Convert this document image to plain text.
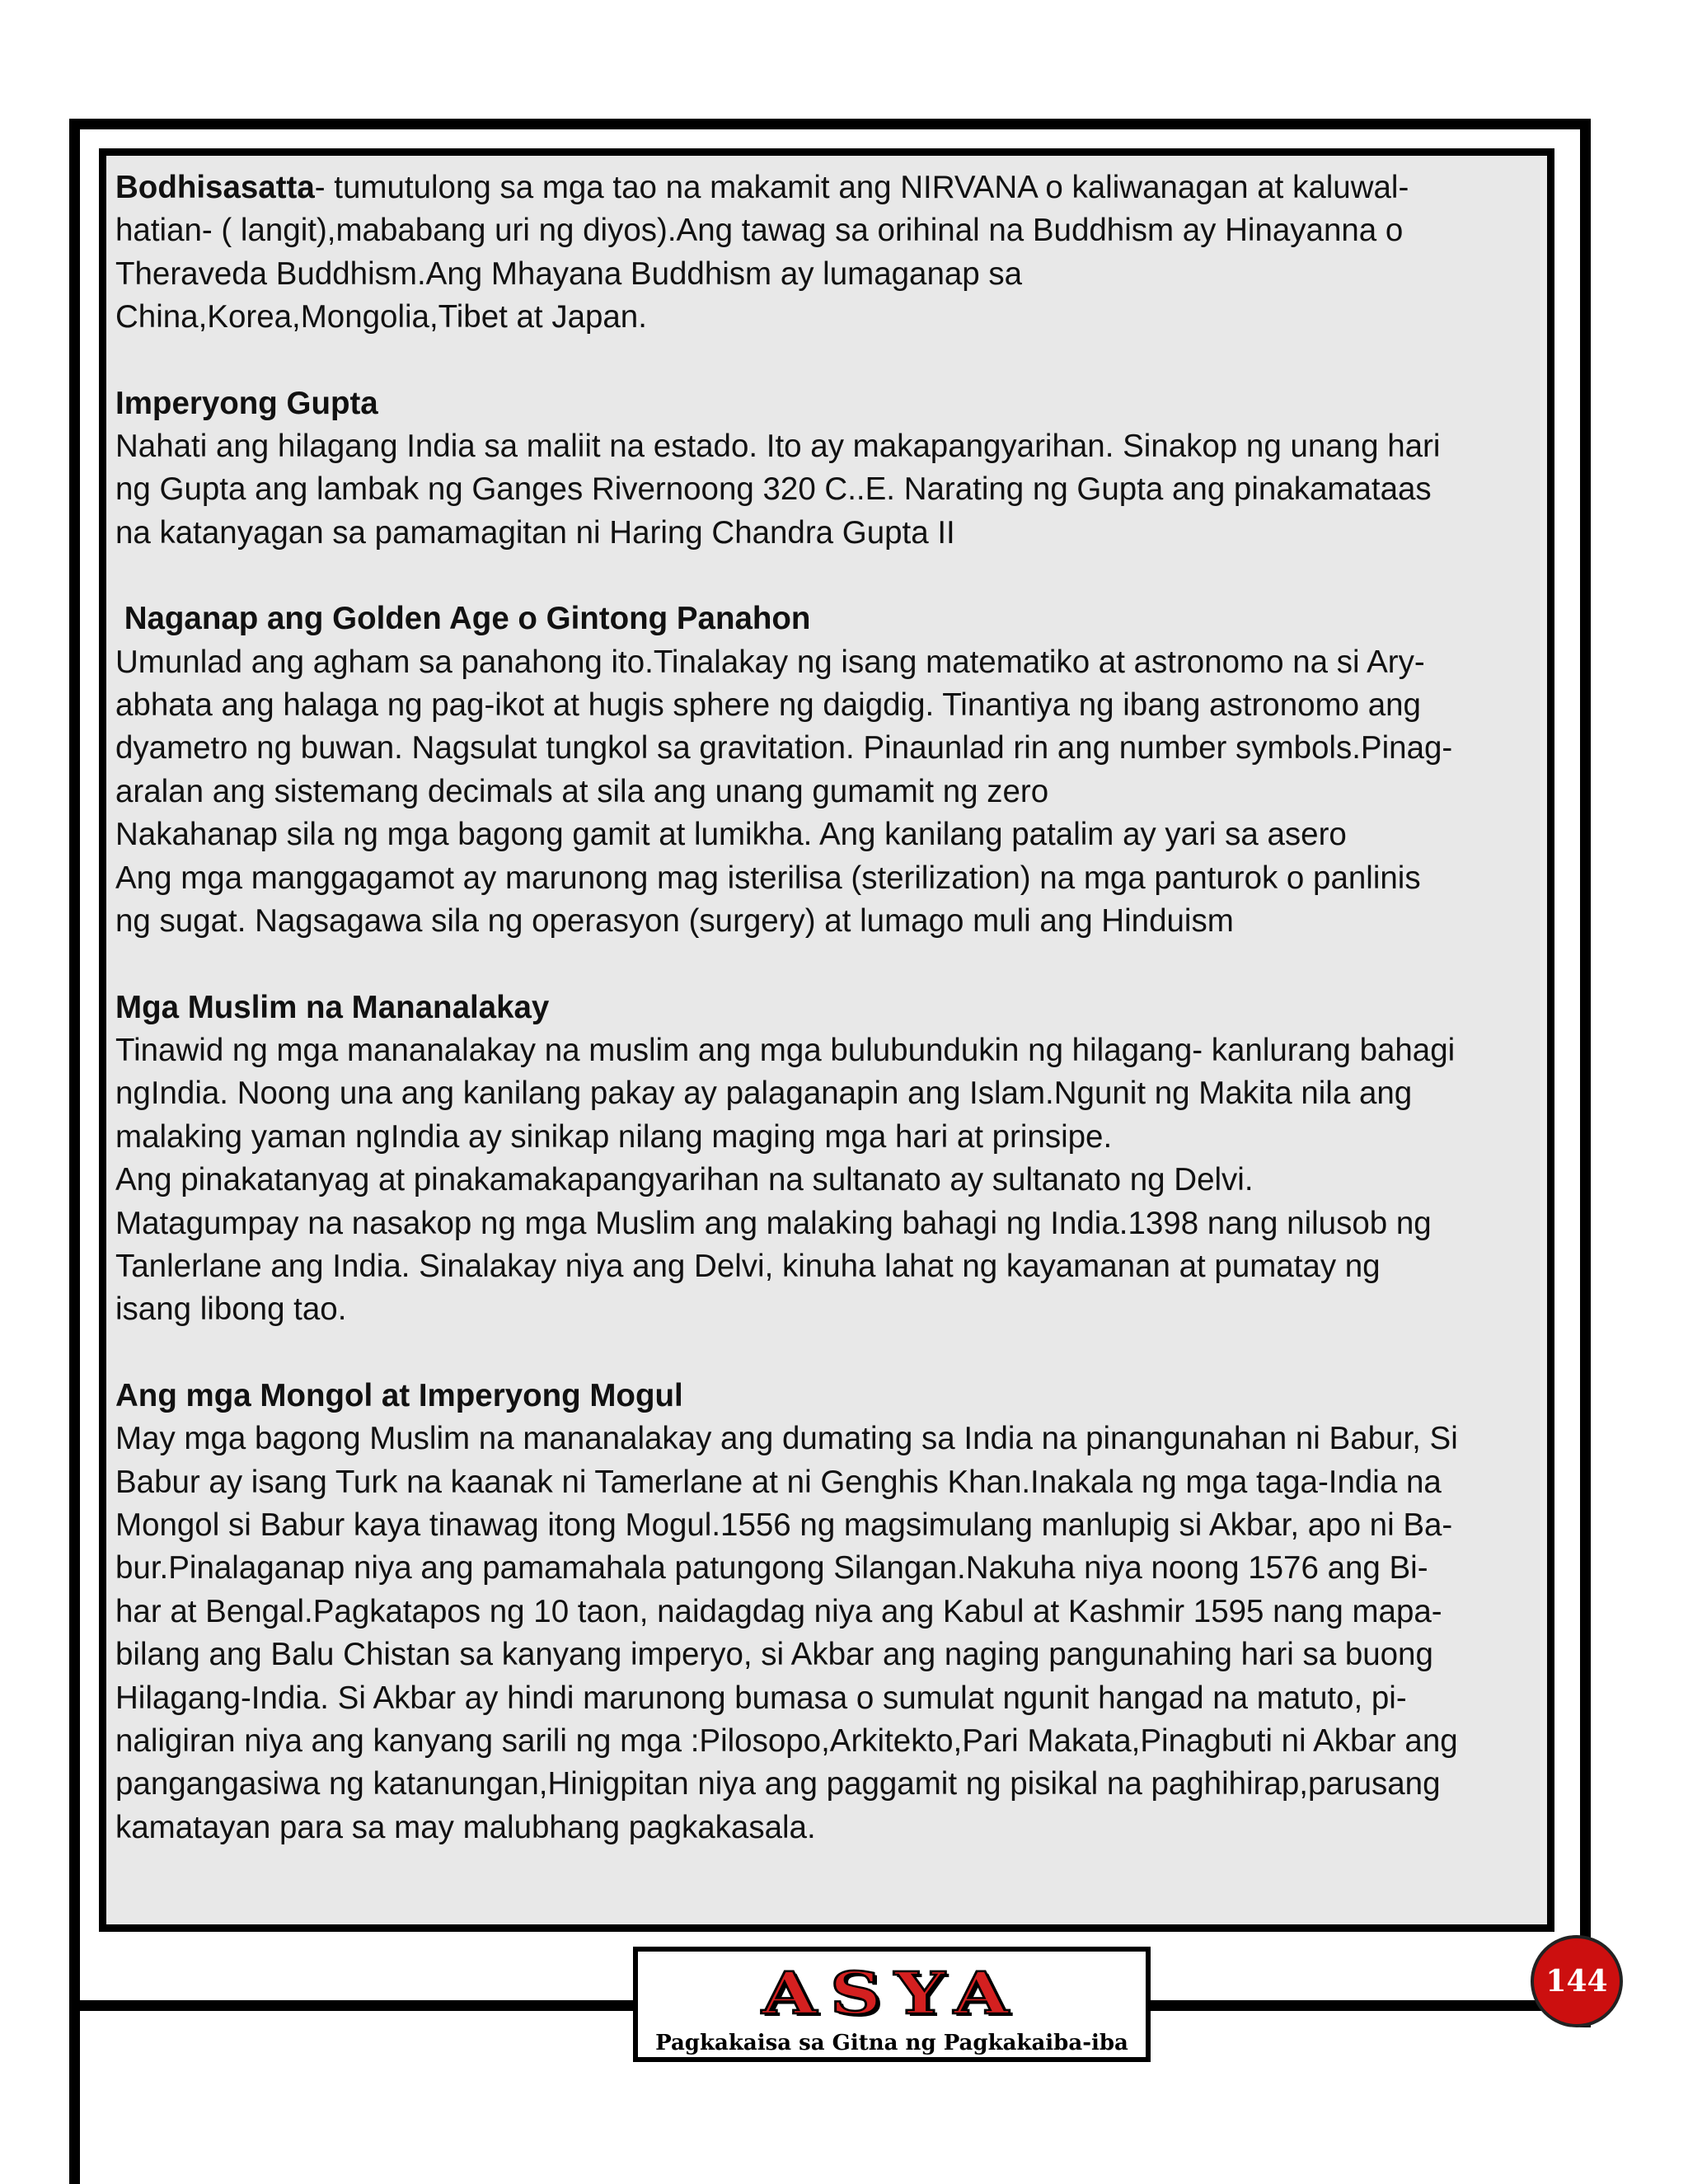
Bodhisasatta- tumutulong sa mga tao na makamit ang NIRVANA o kaliwanagan at kaluwal-
hatian- ( langit),mababang uri ng diyos).Ang tawag sa orihinal na Buddhism ay Hinayanna o
Theraveda Buddhism.Ang Mhayana Buddhism ay lumaganap sa
China,Korea,Mongolia,Tibet at Japan.

Imperyong Gupta

Nahati ang hilagang India sa maliit na estado. Ito ay makapangyarihan. Sinakop ng unang hari
ng Gupta ang lambak ng Ganges Rivernoong 320 C..E. Narating ng Gupta ang pinakamataas
na katanyagan sa pamamagitan ni Haring Chandra Gupta II

Naganap ang Golden Age o Gintong Panahon

Umunlad ang agham sa panahong ito.Tinalakay ng isang matematiko at astronomo na si Ary-
abhata ang halaga ng pag-ikot at hugis sphere ng daigdig. Tinantiya ng ibang astronomo ang
dyametro ng buwan. Nagsulat tungkol sa gravitation. Pinaunlad rin ang number symbols.Pinag-
aralan ang sistemang decimals at sila ang unang gumamit ng zero
Nakahanap sila ng mga bagong gamit at lumikha. Ang kanilang patalim ay yari sa asero
Ang mga manggagamot ay marunong mag isterilisa (sterilization) na mga panturok o panlinis
ng sugat. Nagsagawa sila ng operasyon (surgery) at lumago muli ang Hinduism

Mga Muslim na Mananalakay

Tinawid ng mga mananalakay na muslim ang mga bulubundukin ng hilagang- kanlurang bahagi
ngIndia. Noong una ang kanilang pakay ay palaganapin ang Islam.Ngunit ng Makita nila ang
malaking yaman ngIndia ay sinikap nilang maging mga hari at prinsipe.
Ang pinakatanyag at pinakamakapangyarihan na sultanato ay sultanato ng Delvi.
Matagumpay na nasakop ng mga Muslim ang malaking bahagi ng India.1398 nang nilusob ng
Tanlerlane ang India. Sinalakay niya ang Delvi, kinuha lahat ng kayamanan at pumatay ng
isang libong tao.

Ang mga Mongol at Imperyong Mogul

May mga bagong Muslim na mananalakay ang dumating sa India na pinangunahan ni Babur, Si
Babur ay isang Turk na kaanak ni Tamerlane at ni Genghis Khan.Inakala ng mga taga-India na
Mongol si Babur kaya tinawag itong Mogul.1556 ng magsimulang manlupig si Akbar, apo ni Ba-
bur.Pinalaganap niya ang pamamahala patungong Silangan.Nakuha niya noong 1576 ang Bi-
har at Bengal.Pagkatapos ng 10 taon, naidagdag niya ang Kabul at Kashmir 1595 nang mapa-
bilang ang Balu Chistan sa kanyang imperyo, si Akbar ang naging pangunahing hari sa buong
Hilagang-India. Si Akbar ay hindi marunong bumasa o sumulat ngunit hangad na matuto, pi-
naligiran niya ang kanyang sarili ng mga :Pilosopo,Arkitekto,Pari Makata,Pinagbuti ni Akbar ang
pangangasiwa ng katanungan,Hinigpitan niya ang paggamit ng pisikal na paghihirap,parusang
kamatayan para sa may malubhang pagkakasala.

ASYA
Pagkakaisa sa Gitna ng Pagkakaiba-iba
144
